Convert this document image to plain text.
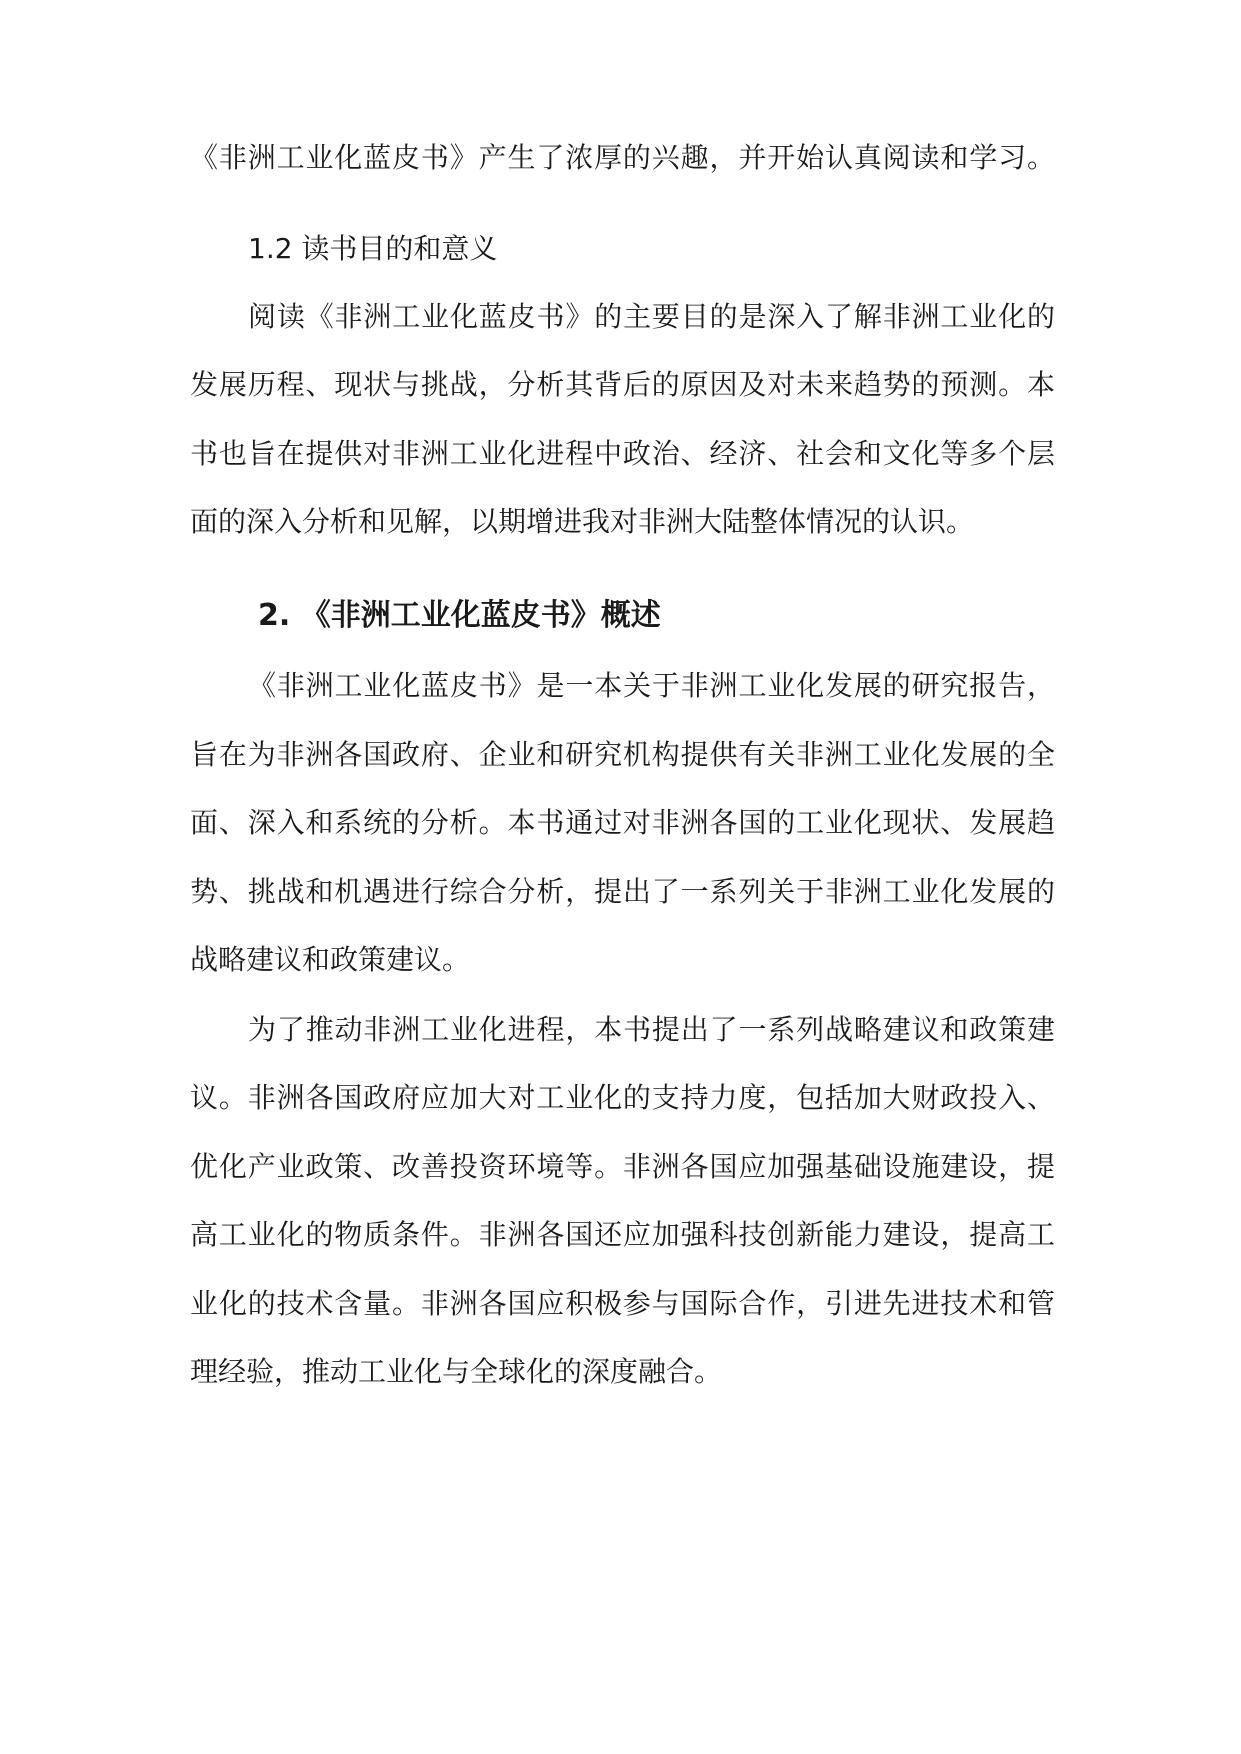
《非洲工业化蓝皮书》产生了浓厚的兴趣，并开始认真阅读和学习。
1.2 读书目的和意义
阅读《非洲工业化蓝皮书》的主要目的是深入了解非洲工业化的
发展历程、现状与挑战，分析其背后的原因及对未来趋势的预测。本
书也旨在提供对非洲工业化进程中政治、经济、社会和文化等多个层
面的深入分析和见解，以期增进我对非洲大陆整体情况的认识。
2. 《非洲工业化蓝皮书》概述
《非洲工业化蓝皮书》是一本关于非洲工业化发展的研究报告，
旨在为非洲各国政府、企业和研究机构提供有关非洲工业化发展的全
面、深入和系统的分析。本书通过对非洲各国的工业化现状、发展趋
势、挑战和机遇进行综合分析，提出了一系列关于非洲工业化发展的
战略建议和政策建议。
为了推动非洲工业化进程，本书提出了一系列战略建议和政策建
议。非洲各国政府应加大对工业化的支持力度，包括加大财政投入、
优化产业政策、改善投资环境等。非洲各国应加强基础设施建设，提
高工业化的物质条件。非洲各国还应加强科技创新能力建设，提高工
业化的技术含量。非洲各国应积极参与国际合作，引进先进技术和管
理经验，推动工业化与全球化的深度融合。
